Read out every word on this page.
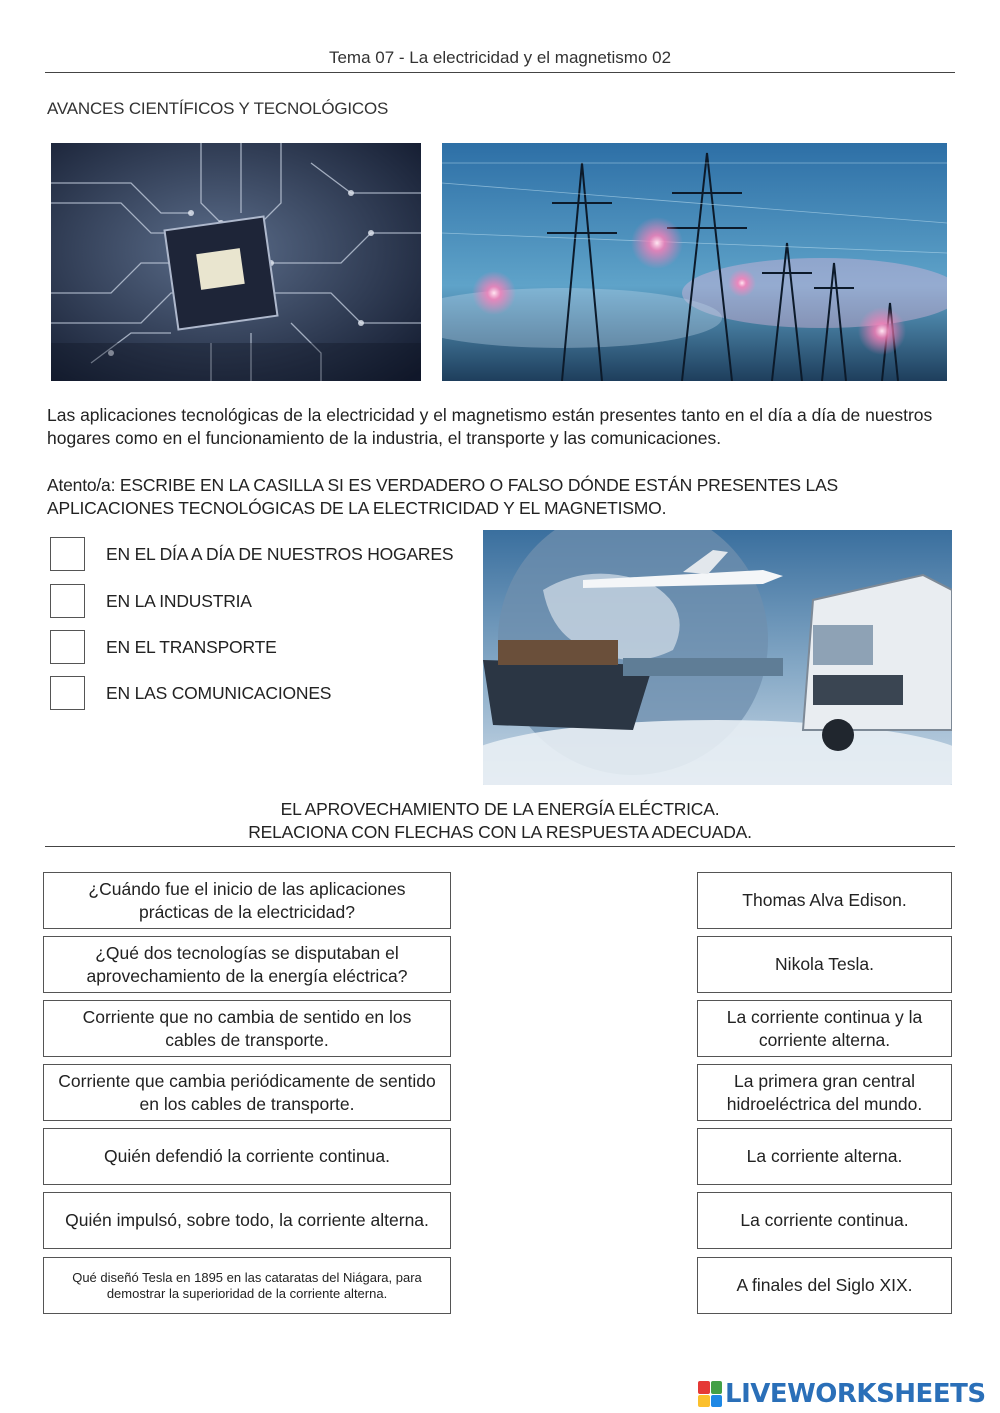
Tema 07 - La electricidad y el magnetismo 02
AVANCES CIENTÍFICOS Y TECNOLÓGICOS
Las aplicaciones tecnológicas de la electricidad y el magnetismo están presentes tanto en el día a día de nuestros hogares como en el funcionamiento de la industria, el transporte y las comunicaciones.
Atento/a: ESCRIBE EN LA CASILLA SI ES VERDADERO O FALSO DÓNDE ESTÁN PRESENTES LAS APLICACIONES TECNOLÓGICAS DE LA ELECTRICIDAD Y EL MAGNETISMO.
EN EL DÍA A DÍA DE NUESTROS HOGARES
EN LA INDUSTRIA
EN EL TRANSPORTE
EN LAS COMUNICACIONES
EL APROVECHAMIENTO DE LA ENERGÍA ELÉCTRICA.
RELACIONA CON FLECHAS CON LA RESPUESTA ADECUADA.
¿Cuándo fue el inicio de las aplicaciones prácticas de la electricidad?
¿Qué dos tecnologías se disputaban el aprovechamiento de la energía eléctrica?
Corriente que no cambia de sentido en los cables de transporte.
Corriente que cambia periódicamente de sentido en los cables de transporte.
Quién defendió la corriente continua.
Quién impulsó, sobre todo, la corriente alterna.
Qué diseñó Tesla en 1895 en las cataratas del Niágara, para demostrar la superioridad de la corriente alterna.
Thomas Alva Edison.
Nikola Tesla.
La corriente continua y la corriente alterna.
La primera gran central hidroeléctrica del mundo.
La corriente alterna.
La corriente continua.
A finales del Siglo XIX.
LIVEWORKSHEETS
